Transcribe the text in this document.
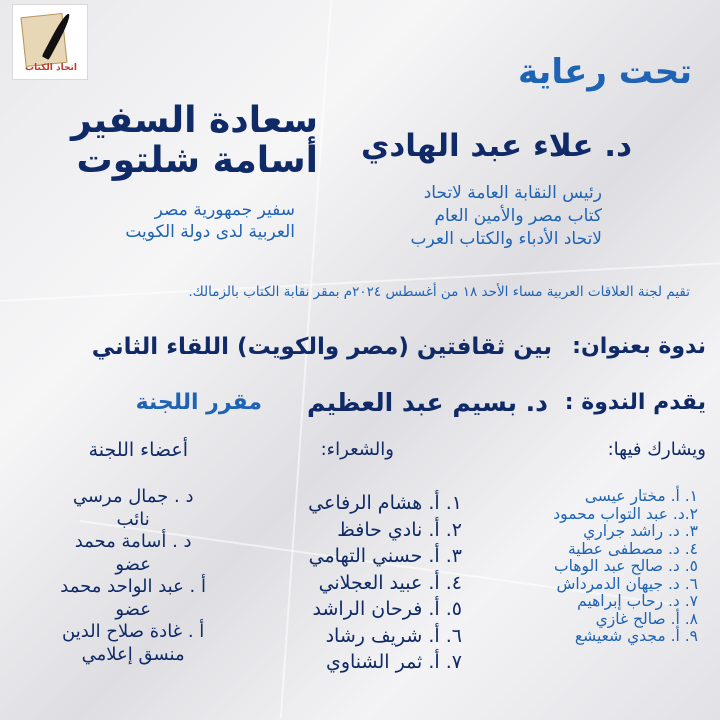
اتحاد الكتاب	تحت رعاية
د. علاء عبد الهادي
رئيس النقابة العامة لاتحاد
كتاب مصر والأمين العام
لاتحاد الأدباء والكتاب العرب
سعادة السفير
أسامة شلتوت
سفير جمهورية مصر
العربية لدى دولة الكويت
تقيم لجنة العلاقات العربية مساء الأحد ١٨ من أغسطس ٢٠٢٤م بمقر نقابة الكتاب بالزمالك.
ندوة بعنوان:
بين ثقافتين (مصر والكويت) اللقاء الثاني
يقدم الندوة :
د. بسيم عبد العظيم
مقرر اللجنة
ويشارك فيها:
١. أ. مختار عيسى
٢.د. عبد التواب محمود
٣. د. راشد جراري
٤. د. مصطفى عطية
٥. د. صالح عبد الوهاب
٦. د. جيهان الدمرداش
٧. د. رحاب إبراهيم
٨. أ. صالح غازي
٩. أ. مجدي شعيشع
والشعراء:
١. أ. هشام الرفاعي
٢. أ. نادي حافظ
٣. أ. حسني التهامي
٤. أ. عبيد العجلاني
٥. أ. فرحان الراشد
٦. أ. شريف رشاد
٧. أ. ثمر الشناوي
أعضاء اللجنة
د . جمال مرسي
نائب
د . أسامة محمد
عضو
أ . عبد الواحد محمد
عضو
أ . غادة صلاح الدين
منسق إعلامي
